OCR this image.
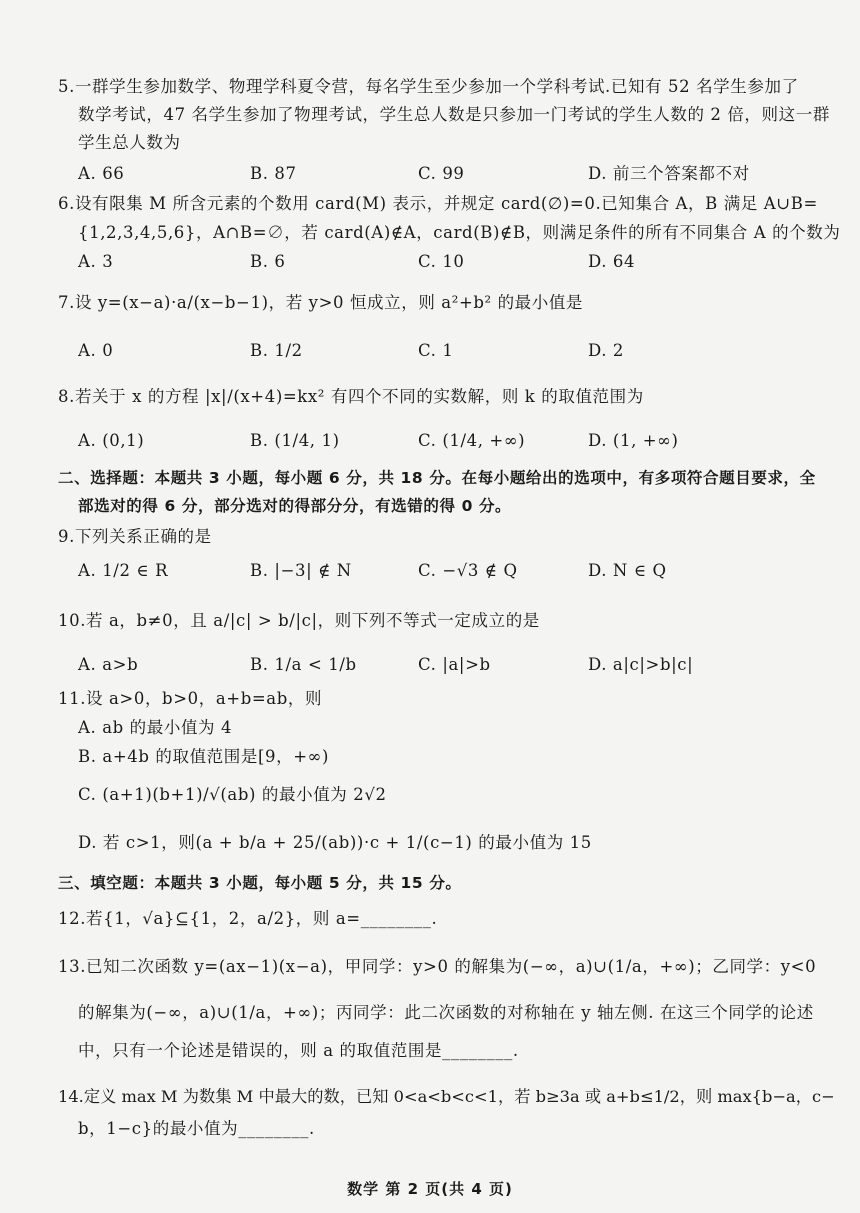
5.一群学生参加数学、物理学科夏令营，每名学生至少参加一个学科考试.已知有 52 名学生参加了
数学考试，47 名学生参加了物理考试，学生总人数是只参加一门考试的学生人数的 2 倍，则这一群
学生总人数为
A. 66	B. 87	C. 99	D. 前三个答案都不对
6.设有限集 M 所含元素的个数用 card(M) 表示，并规定 card(∅)=0.已知集合 A，B 满足 A∪B=
{1,2,3,4,5,6}，A∩B=∅，若 card(A)∉A，card(B)∉B，则满足条件的所有不同集合 A 的个数为
A. 3	B. 6	C. 10	D. 64
7.设 y=(x−a)·a/(x−b−1)，若 y>0 恒成立，则 a²+b² 的最小值是
A. 0	B. 1/2	C. 1	D. 2
8.若关于 x 的方程 |x|/(x+4)=kx² 有四个不同的实数解，则 k 的取值范围为
A. (0,1)	B. (1/4, 1)	C. (1/4, +∞)	D. (1, +∞)
二、选择题：本题共 3 小题，每小题 6 分，共 18 分。在每小题给出的选项中，有多项符合题目要求，全
部选对的得 6 分，部分选对的得部分分，有选错的得 0 分。
9.下列关系正确的是
A. 1/2 ∈ R	B. |−3| ∉ N	C. −√3 ∉ Q	D. N ∈ Q
10.若 a，b≠0，且 a/|c| > b/|c|，则下列不等式一定成立的是
A. a>b	B. 1/a < 1/b	C. |a|>b	D. a|c|>b|c|
11.设 a>0，b>0，a+b=ab，则
A. ab 的最小值为 4
B. a+4b 的取值范围是[9，+∞)
C. (a+1)(b+1)/√(ab) 的最小值为 2√2
D. 若 c>1，则(a + b/a + 25/(ab))·c + 1/(c−1) 的最小值为 15
三、填空题：本题共 3 小题，每小题 5 分，共 15 分。
12.若{1，√a}⊆{1，2，a/2}，则 a=________.
13.已知二次函数 y=(ax−1)(x−a)，甲同学：y>0 的解集为(−∞，a)∪(1/a，+∞)；乙同学：y<0
的解集为(−∞，a)∪(1/a，+∞)；丙同学：此二次函数的对称轴在 y 轴左侧. 在这三个同学的论述
中，只有一个论述是错误的，则 a 的取值范围是________.
14.定义 max M 为数集 M 中最大的数，已知 0<a<b<c<1，若 b≥3a 或 a+b≤1/2，则 max{b−a，c−
b，1−c}的最小值为________.
数学 第 2 页(共 4 页)
